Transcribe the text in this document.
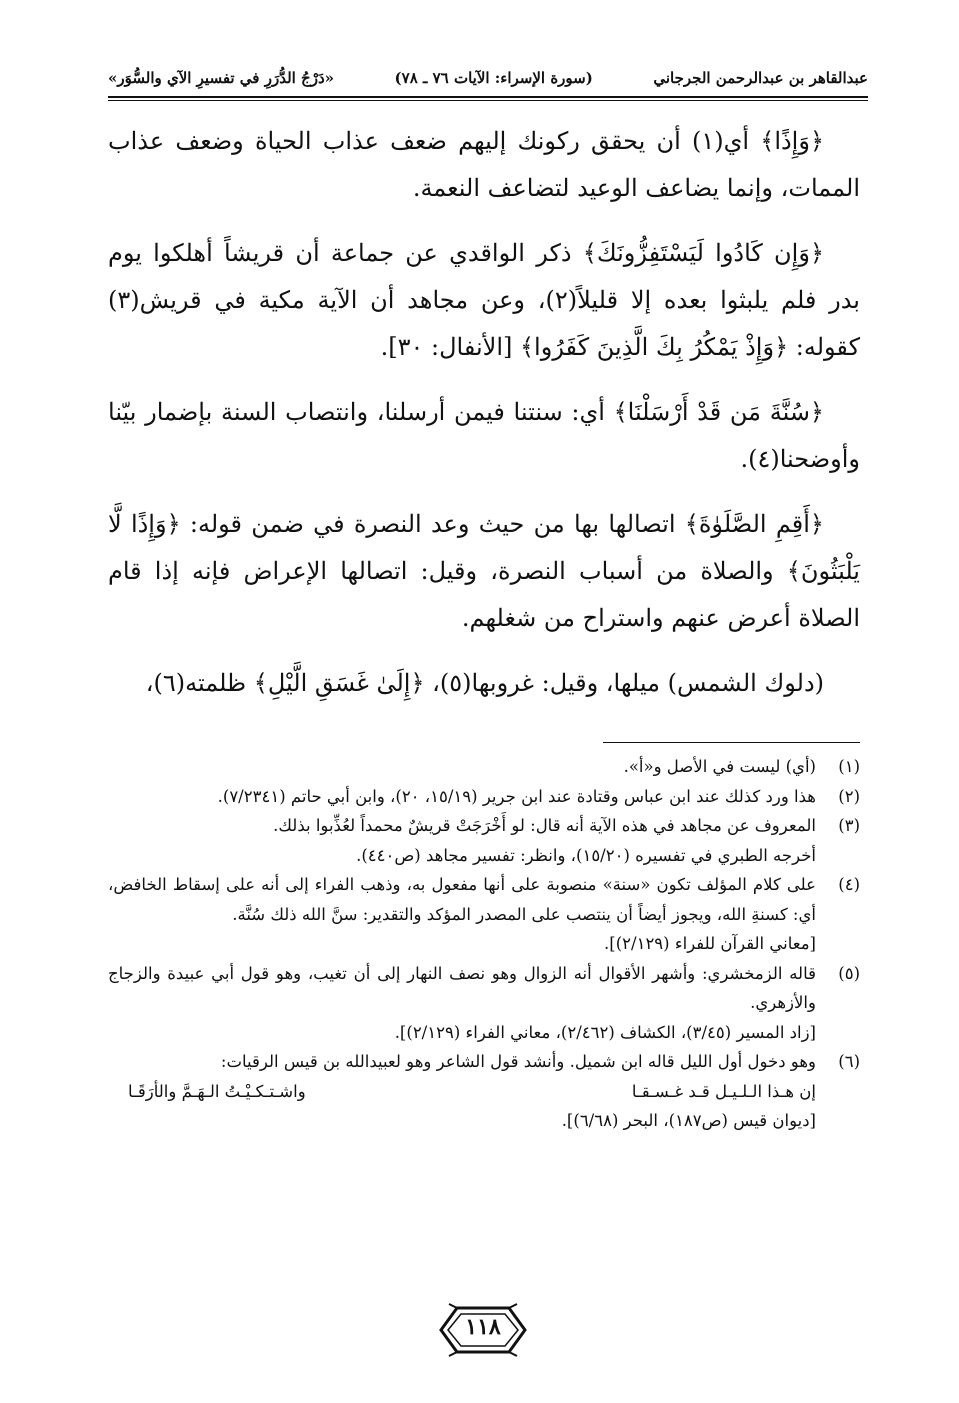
عبدالقاهر بن عبدالرحمن الجرجاني
(سورة الإسراء: الآيات ٧٦ ـ ٧٨)
«دَرْجُ الدُّرَرِ في تفسيرِ الآي والسُّوَر»

﴿وَإِذًا﴾ أي(١) أن يحقق ركونك إليهم ضعف عذاب الحياة وضعف عذاب الممات، وإنما يضاعف الوعيد لتضاعف النعمة.

﴿وَإِن كَادُوا لَيَسْتَفِزُّونَكَ﴾ ذكر الواقدي عن جماعة أن قريشاً أهلكوا يوم بدر فلم يلبثوا بعده إلا قليلاً(٢)، وعن مجاهد أن الآية مكية في قريش(٣) كقوله: ﴿وَإِذْ يَمْكُرُ بِكَ الَّذِينَ كَفَرُوا﴾ [الأنفال: ٣٠].

﴿سُنَّةَ مَن قَدْ أَرْسَلْنَا﴾ أي: سنتنا فيمن أرسلنا، وانتصاب السنة بإضمار بيّنا وأوضحنا(٤).

﴿أَقِمِ الصَّلَوٰةَ﴾ اتصالها بها من حيث وعد النصرة في ضمن قوله: ﴿وَإِذًا لَّا يَلْبَثُونَ﴾ والصلاة من أسباب النصرة، وقيل: اتصالها الإعراض فإنه إذا قام الصلاة أعرض عنهم واستراح من شغلهم.

(دلوك الشمس) ميلها، وقيل: غروبها(٥)، ﴿إِلَىٰ غَسَقِ الَّيْلِ﴾ ظلمته(٦)،

(١)
(أي) ليست في الأصل و«أ».
(٢)
هذا ورد كذلك عند ابن عباس وقتادة عند ابن جرير (١٥/١٩، ٢٠)، وابن أبي حاتم (٧/٢٣٤١).
(٣)
المعروف عن مجاهد في هذه الآية أنه قال: لو أَخْرَجَتْ قريشٌ محمداً لعُذِّبوا بذلك.
أخرجه الطبري في تفسيره (١٥/٢٠)، وانظر: تفسير مجاهد (ص٤٤٠).
(٤)
على كلام المؤلف تكون «سنة» منصوبة على أنها مفعول به، وذهب الفراء إلى أنه على إسقاط الخافض، أي: كسنةِ الله، ويجوز أيضاً أن ينتصب على المصدر المؤكد والتقدير: سنَّ الله ذلك سُنَّة.
[معاني القرآن للفراء (٢/١٢٩)].
(٥)
قاله الزمخشري: وأشهر الأقوال أنه الزوال وهو نصف النهار إلى أن تغيب، وهو قول أبي عبيدة والزجاج والأزهري.
[زاد المسير (٣/٤٥)، الكشاف (٢/٤٦٢)، معاني الفراء (٢/١٢٩)].
(٦)
وهو دخول أول الليل قاله ابن شميل. وأنشد قول الشاعر وهو لعبيدالله بن قيس الرقيات:
إن هـذا الـلـيـل قـد غـسـقـا
واشـتـكـيْـتُ الـهَـمَّ والأرَقَـا
[ديوان قيس (ص١٨٧)، البحر (٦/٦٨)].
١١٨
